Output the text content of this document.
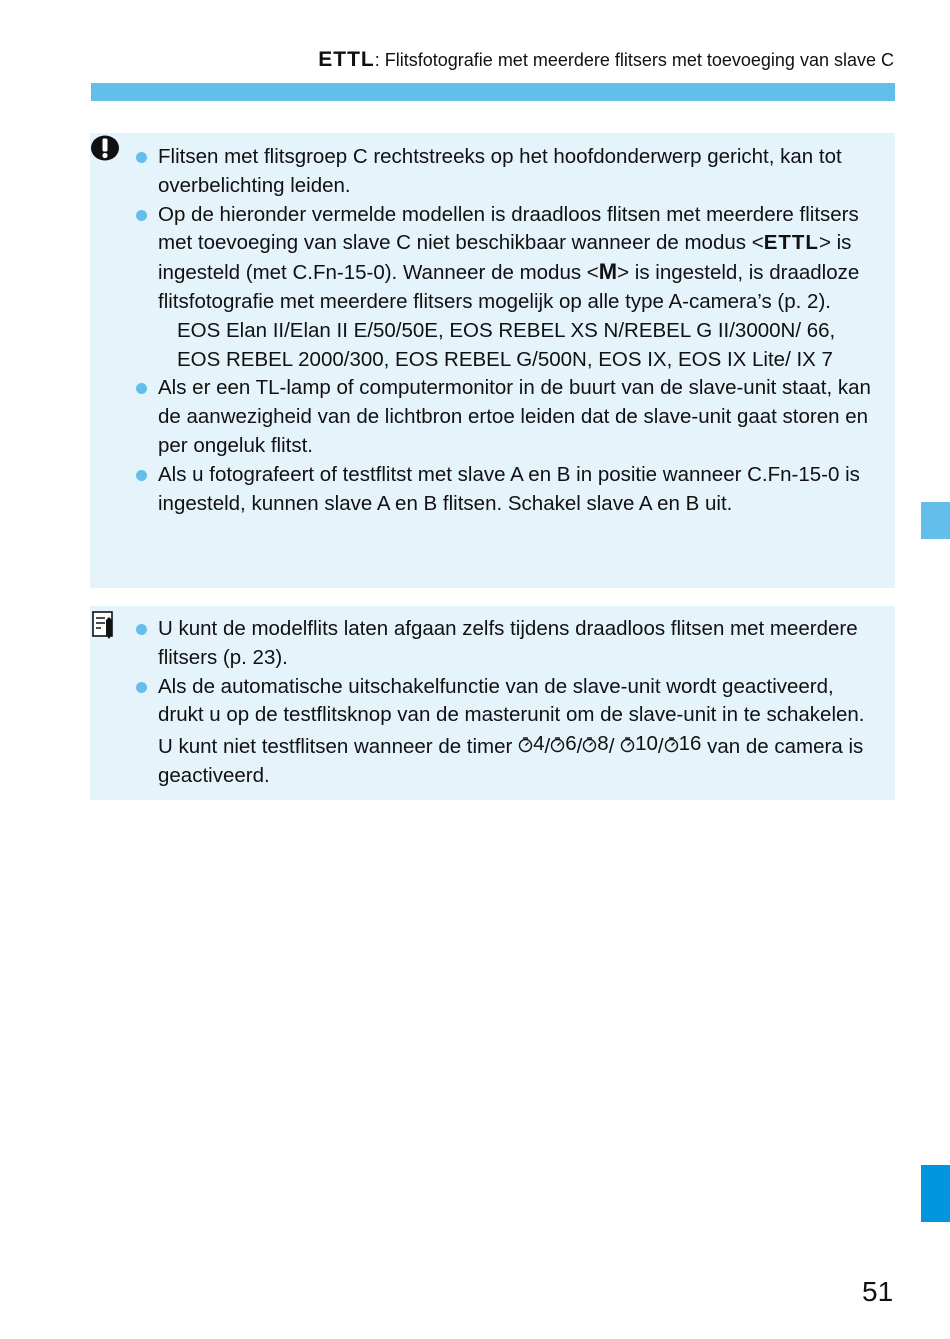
ETTL: Flitsfotografie met meerdere flitsers met toevoeging van slave C
Flitsen met flitsgroep C rechtstreeks op het hoofdonderwerp gericht, kan tot overbelichting leiden.
Op de hieronder vermelde modellen is draadloos flitsen met meerdere flitsers met toevoeging van slave C niet beschikbaar wanneer de modus <ETTL> is ingesteld (met C.Fn-15-0). Wanneer de modus <M> is ingesteld, is draadloze flitsfotografie met meerdere flitsers mogelijk op alle type A-camera’s (p. 2).
EOS Elan II/Elan II E/50/50E, EOS REBEL XS N/REBEL G II/3000N/ 66, EOS REBEL 2000/300, EOS REBEL G/500N, EOS IX, EOS IX Lite/ IX 7
Als er een TL-lamp of computermonitor in de buurt van de slave-unit staat, kan de aanwezigheid van de lichtbron ertoe leiden dat de slave-unit gaat storen en per ongeluk flitst.
Als u fotografeert of testflitst met slave A en B in positie wanneer C.Fn-15-0 is ingesteld, kunnen slave A en B flitsen. Schakel slave A en B uit.
U kunt de modelflits laten afgaan zelfs tijdens draadloos flitsen met meerdere flitsers (p. 23).
Als de automatische uitschakelfunctie van de slave-unit wordt geactiveerd, drukt u op de testflitsknop van de masterunit om de slave-unit in te schakelen. U kunt niet testflitsen wanneer de timer 4 / 6 / 8 / 10 / 16 van de camera is geactiveerd.
51
